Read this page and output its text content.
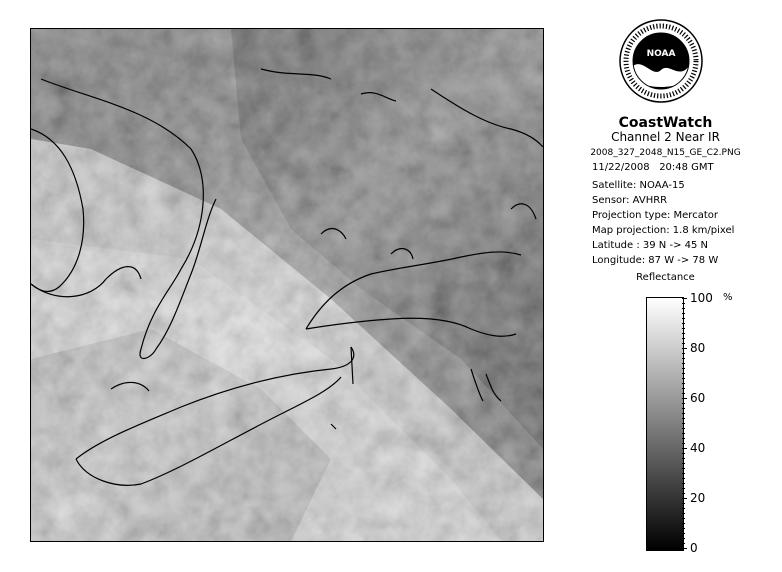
NOAA
CoastWatch
Channel 2 Near IR
2008_327_2048_N15_GE_C2.PNG
11/22/2008 20:48 GMT
Satellite: NOAA-15
Sensor: AVHRR
Projection type: Mercator
Map projection: 1.8 km/pixel
Latitude : 39 N -> 45 N
Longitude: 87 W -> 78 W
Reflectance
%
100
80
60
40
20
0
